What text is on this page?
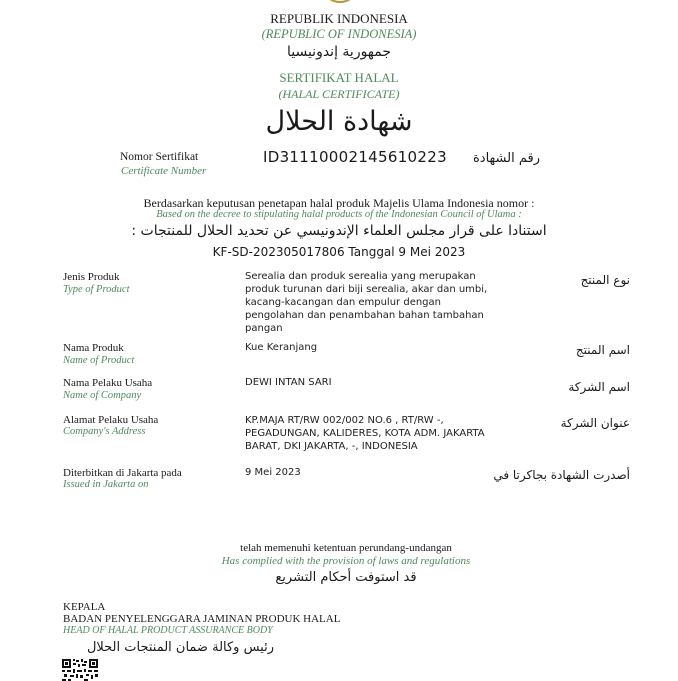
REPUBLIK INDONESIA
(REPUBLIC OF INDONESIA)
جمهورية إندونيسيا
SERTIFIKAT HALAL
(HALAL CERTIFICATE)
شهادة الحلال
Nomor Sertifikat
Certificate Number
ID31110002145610223 رقم الشهادة
Berdasarkan keputusan penetapan halal produk Majelis Ulama Indonesia nomor :
Based on the decree to stipulating halal products of the Indonesian Council of Ulama :
استنادا على قرار مجلس العلماء الإندونيسي عن تحديد الحلال للمنتجات :
KF-SD-202305017806 Tanggal 9 Mei 2023
Jenis Produk
Type of Product
Serealia dan produk serealia yang merupakan produk turunan dari biji serealia, akar dan umbi, kacang-kacangan dan empulur dengan pengolahan dan penambahan bahan tambahan pangan
نوع المنتج
Nama Produk
Name of Product
Kue Keranjang	اسم المنتج
Nama Pelaku Usaha
Name of Company
DEWI INTAN SARI	اسم الشركة
Alamat Pelaku Usaha
Company's Address
KP.MAJA RT/RW 002/002 NO.6 , RT/RW -, PEGADUNGAN, KALIDERES, KOTA ADM. JAKARTA BARAT, DKI JAKARTA, -, INDONESIA
عنوان الشركة
Diterbitkan di Jakarta pada
Issued in Jakarta on
9 Mei 2023	أصدرت الشهادة بجاكرتا في
telah memenuhi ketentuan perundang-undangan
Has complied with the provision of laws and regulations
قد استوفت أحكام التشريع
KEPALA
BADAN PENYELENGGARA JAMINAN PRODUK HALAL
HEAD OF HALAL PRODUCT ASSURANCE BODY
رئيس وكالة ضمان المنتجات الحلال
